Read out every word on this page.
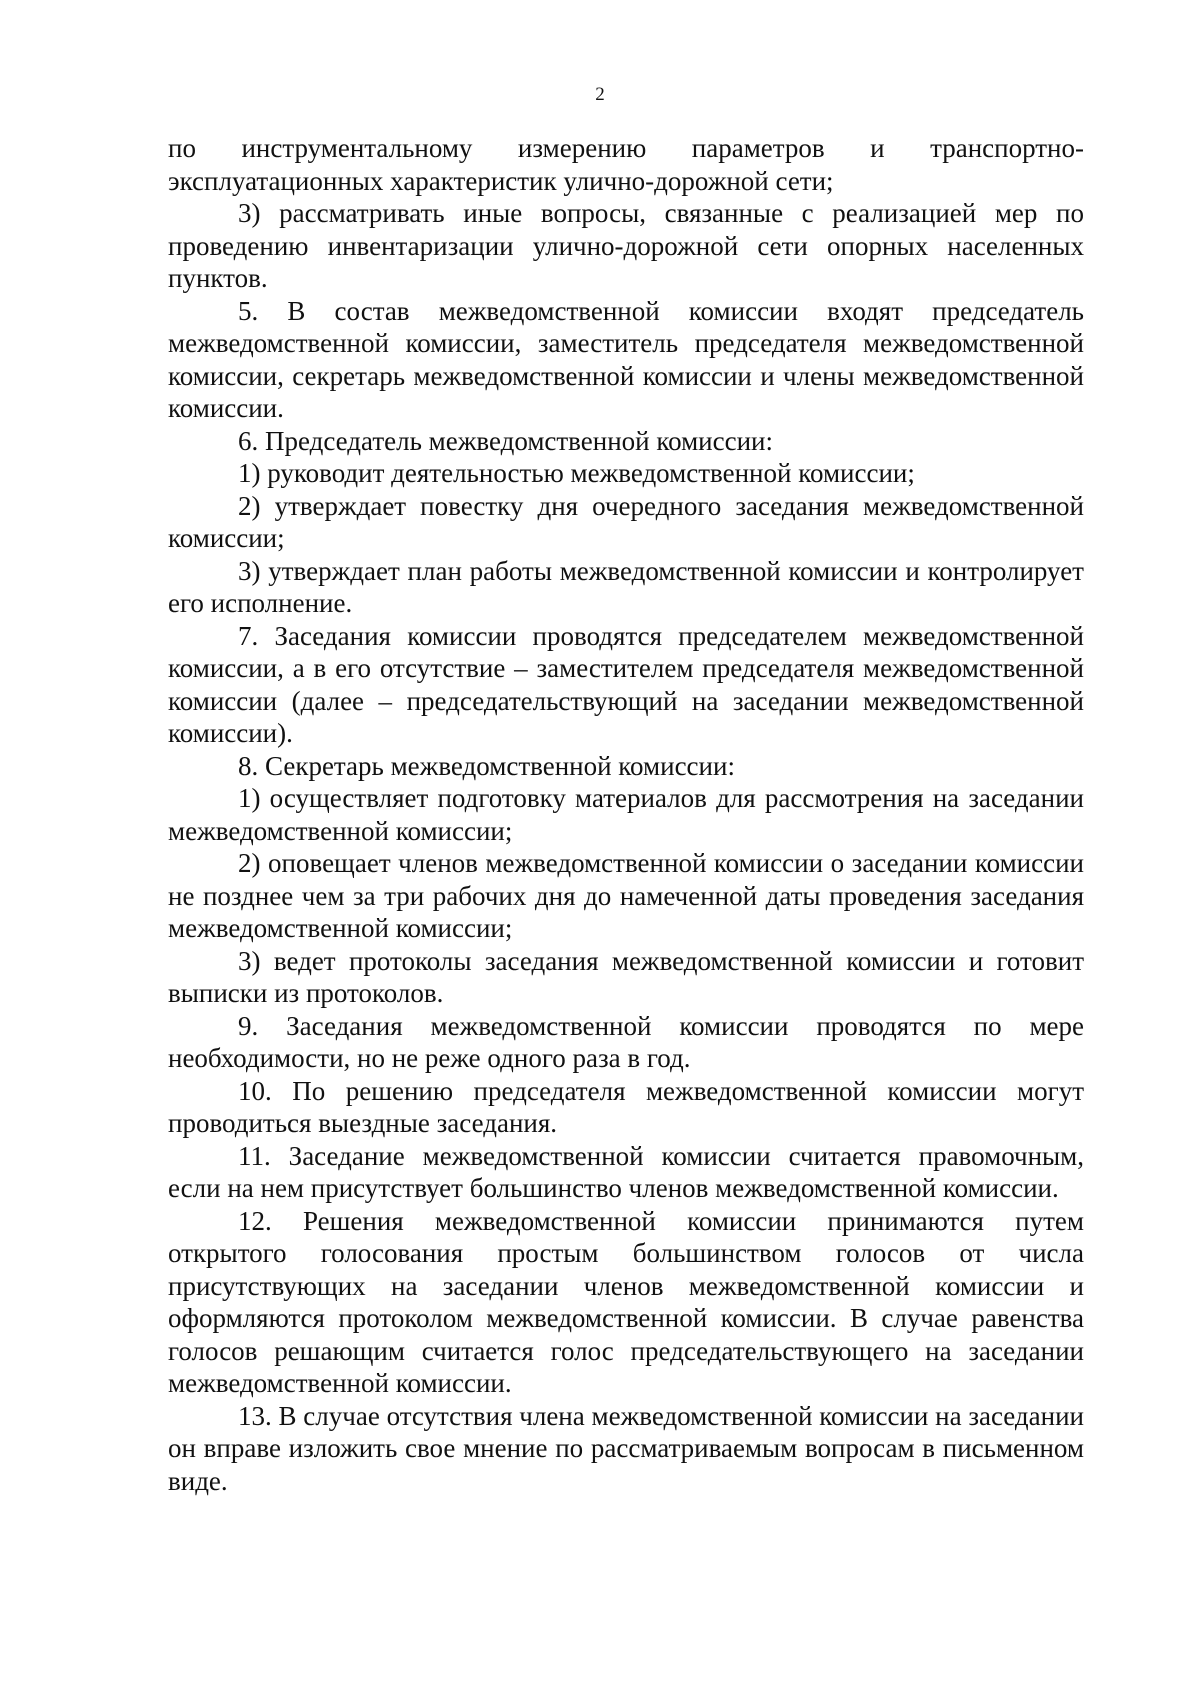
2

по инструментальному измерению параметров и транспортно-эксплуатационных характеристик улично-дорожной сети;

3) рассматривать иные вопросы, связанные с реализацией мер по проведению инвентаризации улично-дорожной сети опорных населенных пунктов.

5. В состав межведомственной комиссии входят председатель межведомственной комиссии, заместитель председателя межведомственной комиссии, секретарь межведомственной комиссии и члены межведомственной комиссии.

6. Председатель межведомственной комиссии:

1) руководит деятельностью межведомственной комиссии;

2) утверждает повестку дня очередного заседания межведомственной комиссии;

3) утверждает план работы межведомственной комиссии и контролирует его исполнение.

7. Заседания комиссии проводятся председателем межведомственной комиссии, а в его отсутствие – заместителем председателя межведомственной комиссии (далее – председательствующий на заседании межведомственной комиссии).

8. Секретарь межведомственной комиссии:

1) осуществляет подготовку материалов для рассмотрения на заседании межведомственной комиссии;

2) оповещает членов межведомственной комиссии о заседании комиссии не позднее чем за три рабочих дня до намеченной даты проведения заседания межведомственной комиссии;

3) ведет протоколы заседания межведомственной комиссии и готовит выписки из протоколов.

9. Заседания межведомственной комиссии проводятся по мере необходимости, но не реже одного раза в год.

10. По решению председателя межведомственной комиссии могут проводиться выездные заседания.

11. Заседание межведомственной комиссии считается правомочным, если на нем присутствует большинство членов межведомственной комиссии.

12. Решения межведомственной комиссии принимаются путем открытого голосования простым большинством голосов от числа присутствующих на заседании членов межведомственной комиссии и оформляются протоколом межведомственной комиссии. В случае равенства голосов решающим считается голос председательствующего на заседании межведомственной комиссии.

13. В случае отсутствия члена межведомственной комиссии на заседании он вправе изложить свое мнение по рассматриваемым вопросам в письменном виде.
